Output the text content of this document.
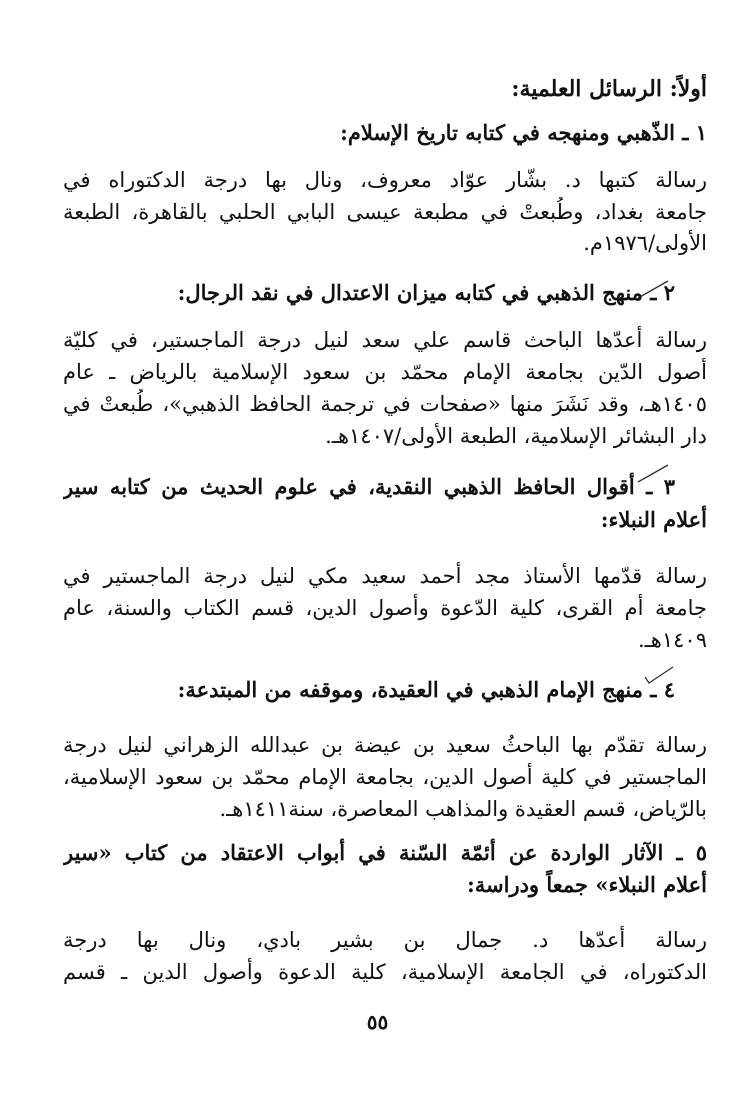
أولاً: الرسائل العلمية:
١ ـ الذّهبي ومنهجه في كتابه تاريخ الإسلام:
رسالة كتبها د. بشّار عوّاد معروف، ونال بها درجة الدكتوراه في
جامعة بغداد، وطُبعتْ في مطبعة عيسى البابي الحلبي بالقاهرة، الطبعة
الأولى/١٩٧٦م.
٢ ـ منهج الذهبي في كتابه ميزان الاعتدال في نقد الرجال:
رسالة أعدّها الباحث قاسم علي سعد لنيل درجة الماجستير، في كليّة
أصول الدّين بجامعة الإمام محمّد بن سعود الإسلامية بالرياض ـ عام
١٤٠٥هـ، وقد نَشَرَ منها «صفحات في ترجمة الحافظ الذهبي»، طُبعتْ في
دار البشائر الإسلامية، الطبعة الأولى/١٤٠٧هـ.
٣ ـ أقوال الحافظ الذهبي النقدية، في علوم الحديث من كتابه سير
أعلام النبلاء:
رسالة قدّمها الأستاذ مجد أحمد سعيد مكي لنيل درجة الماجستير في
جامعة أم القرى، كلية الدّعوة وأصول الدين، قسم الكتاب والسنة، عام
١٤٠٩هـ.
٤ ـ منهج الإمام الذهبي في العقيدة، وموقفه من المبتدعة:
رسالة تقدّم بها الباحثُ سعيد بن عيضة بن عبدالله الزهراني لنيل درجة
الماجستير في كلية أصول الدين، بجامعة الإمام محمّد بن سعود الإسلامية،
بالرّياض، قسم العقيدة والمذاهب المعاصرة، سنة١٤١١هـ.
٥ ـ الآثار الواردة عن أئمّة السّنة في أبواب الاعتقاد من كتاب «سير
أعلام النبلاء» جمعاً ودراسة:
رسالة أعدّها د. جمال بن بشير بادي، ونال بها درجة
الدكتوراه، في الجامعة الإسلامية، كلية الدعوة وأصول الدين ـ قسم
٥٥
